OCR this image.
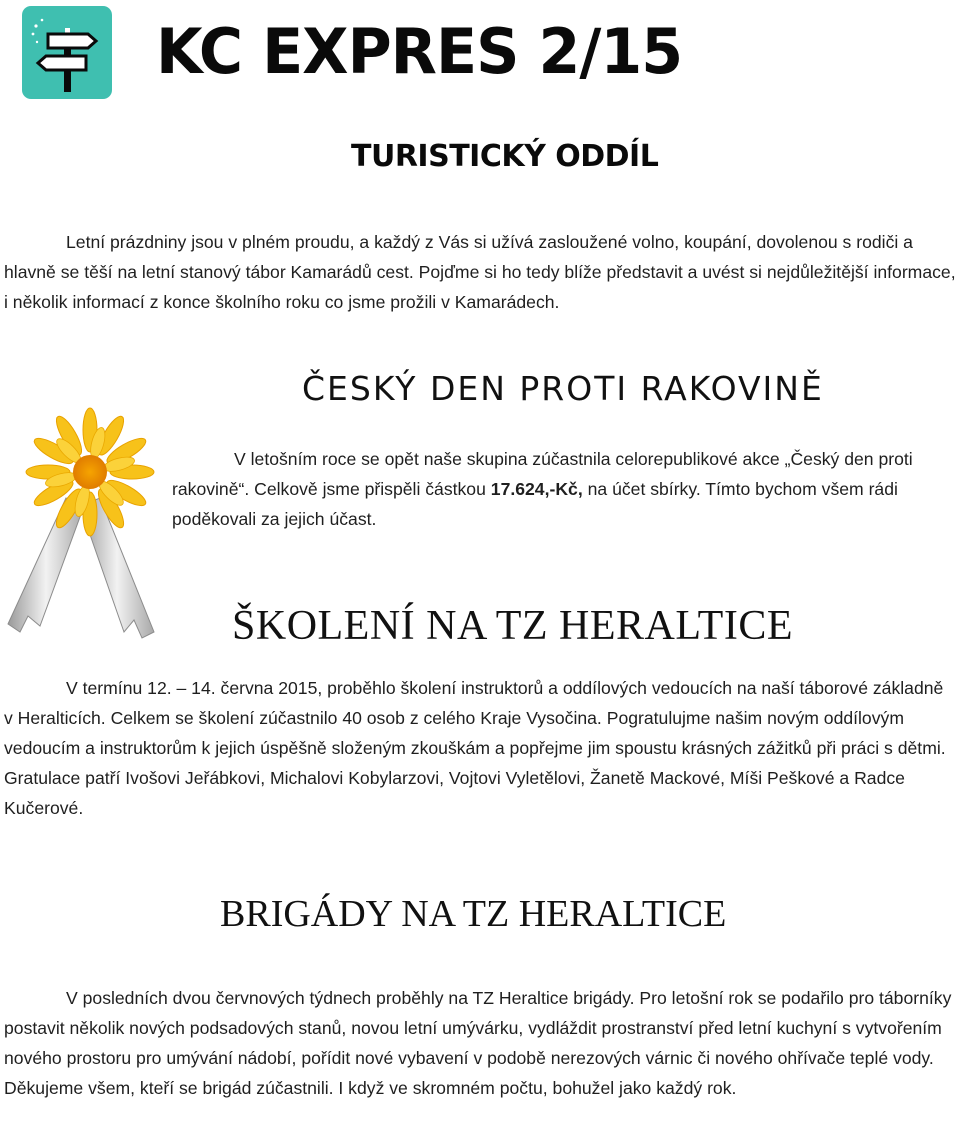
KC EXPRES 2/15
TURISTICKÝ ODDÍL

Letní prázdniny jsou v plném proudu, a každý z Vás si užívá zasloužené volno, koupání, dovolenou s rodiči a hlavně se těší na letní stanový tábor Kamarádů cest. Pojďme si ho tedy blíže představit a uvést si nejdůležitější informace, i několik informací z konce školního roku co jsme prožili v Kamarádech.

ČESKÝ DEN PROTI RAKOVINĚ

V letošním roce se opět naše skupina zúčastnila celorepublikové akce „Český den proti rakovině“. Celkově jsme přispěli částkou 17.624,-Kč, na účet sbírky. Tímto bychom všem rádi poděkovali za jejich účast.

ŠKOLENÍ NA TZ HERALTICE

V termínu 12. – 14. června 2015, proběhlo školení instruktorů a oddílových vedoucích na naší táborové základně v Heralticích. Celkem se školení zúčastnilo 40 osob z celého Kraje Vysočina. Pogratulujme našim novým oddílovým vedoucím a instruktorům k jejich úspěšně složeným zkouškám a popřejme jim spoustu krásných zážitků při práci s dětmi. Gratulace patří Ivošovi Jeřábkovi, Michalovi Kobylarzovi, Vojtovi Vyletělovi, Žanetě Mackové, Míši Peškové a Radce Kučerové.

BRIGÁDY NA TZ HERALTICE

V posledních dvou červnových týdnech proběhly na TZ Heraltice brigády. Pro letošní rok se podařilo pro táborníky postavit několik nových podsadových stanů, novou letní umývárku, vydláždit prostranství před letní kuchyní s vytvořením nového prostoru pro umývání nádobí, pořídit nové vybavení v podobě nerezových várnic či nového ohřívače teplé vody. Děkujeme všem, kteří se brigád zúčastnili. I když ve skromném počtu, bohužel jako každý rok.
